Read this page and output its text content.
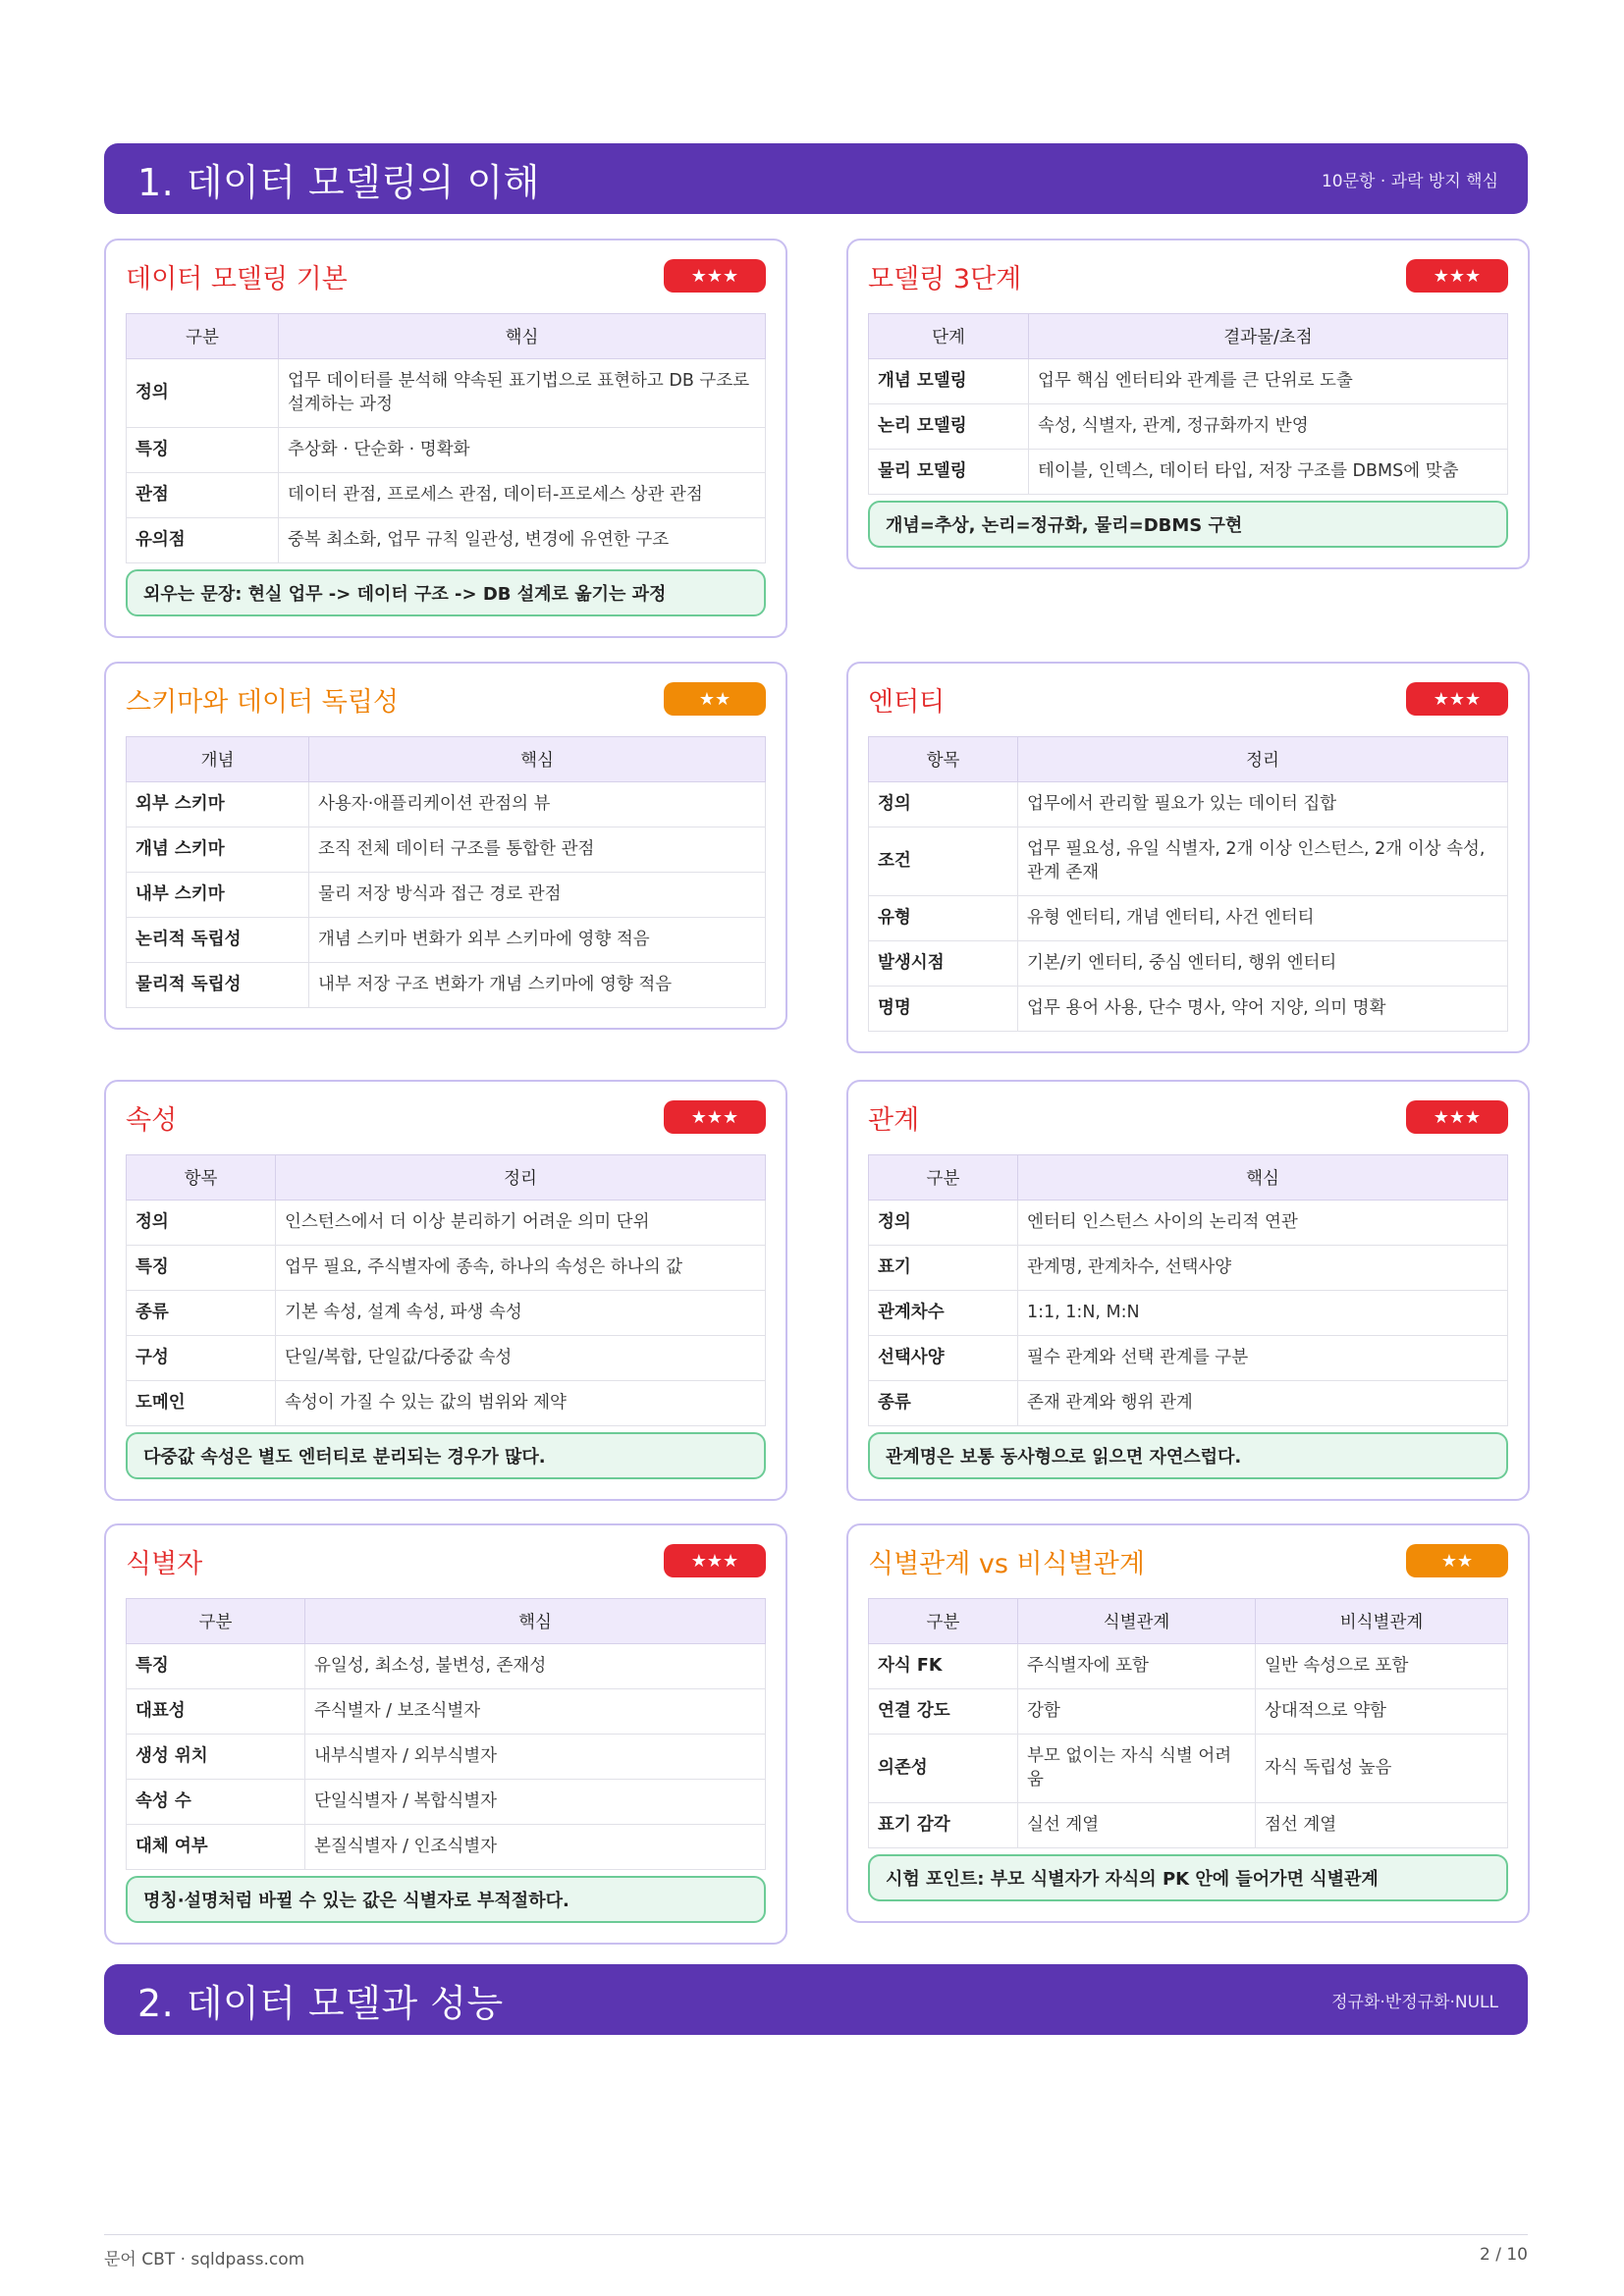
1. 데이터 모델링의 이해	10문항 · 과락 방지 핵심
데이터 모델링 기본	★★★
구분	핵심
정의	업무 데이터를 분석해 약속된 표기법으로 표현하고 DB 구조로 설계하는 과정
특징	추상화 · 단순화 · 명확화
관점	데이터 관점, 프로세스 관점, 데이터-프로세스 상관 관점
유의점	중복 최소화, 업무 규칙 일관성, 변경에 유연한 구조
외우는 문장: 현실 업무 -> 데이터 구조 -> DB 설계로 옮기는 과정
모델링 3단계	★★★
단계	결과물/초점
개념 모델링	업무 핵심 엔터티와 관계를 큰 단위로 도출
논리 모델링	속성, 식별자, 관계, 정규화까지 반영
물리 모델링	테이블, 인덱스, 데이터 타입, 저장 구조를 DBMS에 맞춤
개념=추상, 논리=정규화, 물리=DBMS 구현
스키마와 데이터 독립성	★★
개념	핵심
외부 스키마	사용자·애플리케이션 관점의 뷰
개념 스키마	조직 전체 데이터 구조를 통합한 관점
내부 스키마	물리 저장 방식과 접근 경로 관점
논리적 독립성	개념 스키마 변화가 외부 스키마에 영향 적음
물리적 독립성	내부 저장 구조 변화가 개념 스키마에 영향 적음
엔터티	★★★
항목	정리
정의	업무에서 관리할 필요가 있는 데이터 집합
조건	업무 필요성, 유일 식별자, 2개 이상 인스턴스, 2개 이상 속성, 관계 존재
유형	유형 엔터티, 개념 엔터티, 사건 엔터티
발생시점	기본/키 엔터티, 중심 엔터티, 행위 엔터티
명명	업무 용어 사용, 단수 명사, 약어 지양, 의미 명확
속성	★★★
항목	정리
정의	인스턴스에서 더 이상 분리하기 어려운 의미 단위
특징	업무 필요, 주식별자에 종속, 하나의 속성은 하나의 값
종류	기본 속성, 설계 속성, 파생 속성
구성	단일/복합, 단일값/다중값 속성
도메인	속성이 가질 수 있는 값의 범위와 제약
다중값 속성은 별도 엔터티로 분리되는 경우가 많다.
관계	★★★
구분	핵심
정의	엔터티 인스턴스 사이의 논리적 연관
표기	관계명, 관계차수, 선택사양
관계차수	1:1, 1:N, M:N
선택사양	필수 관계와 선택 관계를 구분
종류	존재 관계와 행위 관계
관계명은 보통 동사형으로 읽으면 자연스럽다.
식별자	★★★
구분	핵심
특징	유일성, 최소성, 불변성, 존재성
대표성	주식별자 / 보조식별자
생성 위치	내부식별자 / 외부식별자
속성 수	단일식별자 / 복합식별자
대체 여부	본질식별자 / 인조식별자
명칭·설명처럼 바뀔 수 있는 값은 식별자로 부적절하다.
식별관계 vs 비식별관계	★★
구분	식별관계	비식별관계
자식 FK	주식별자에 포함	일반 속성으로 포함
연결 강도	강함	상대적으로 약함
의존성	부모 없이는 자식 식별 어려움	자식 독립성 높음
표기 감각	실선 계열	점선 계열
시험 포인트: 부모 식별자가 자식의 PK 안에 들어가면 식별관계
2. 데이터 모델과 성능	정규화·반정규화·NULL
문어 CBT · sqldpass.com	2 / 10
